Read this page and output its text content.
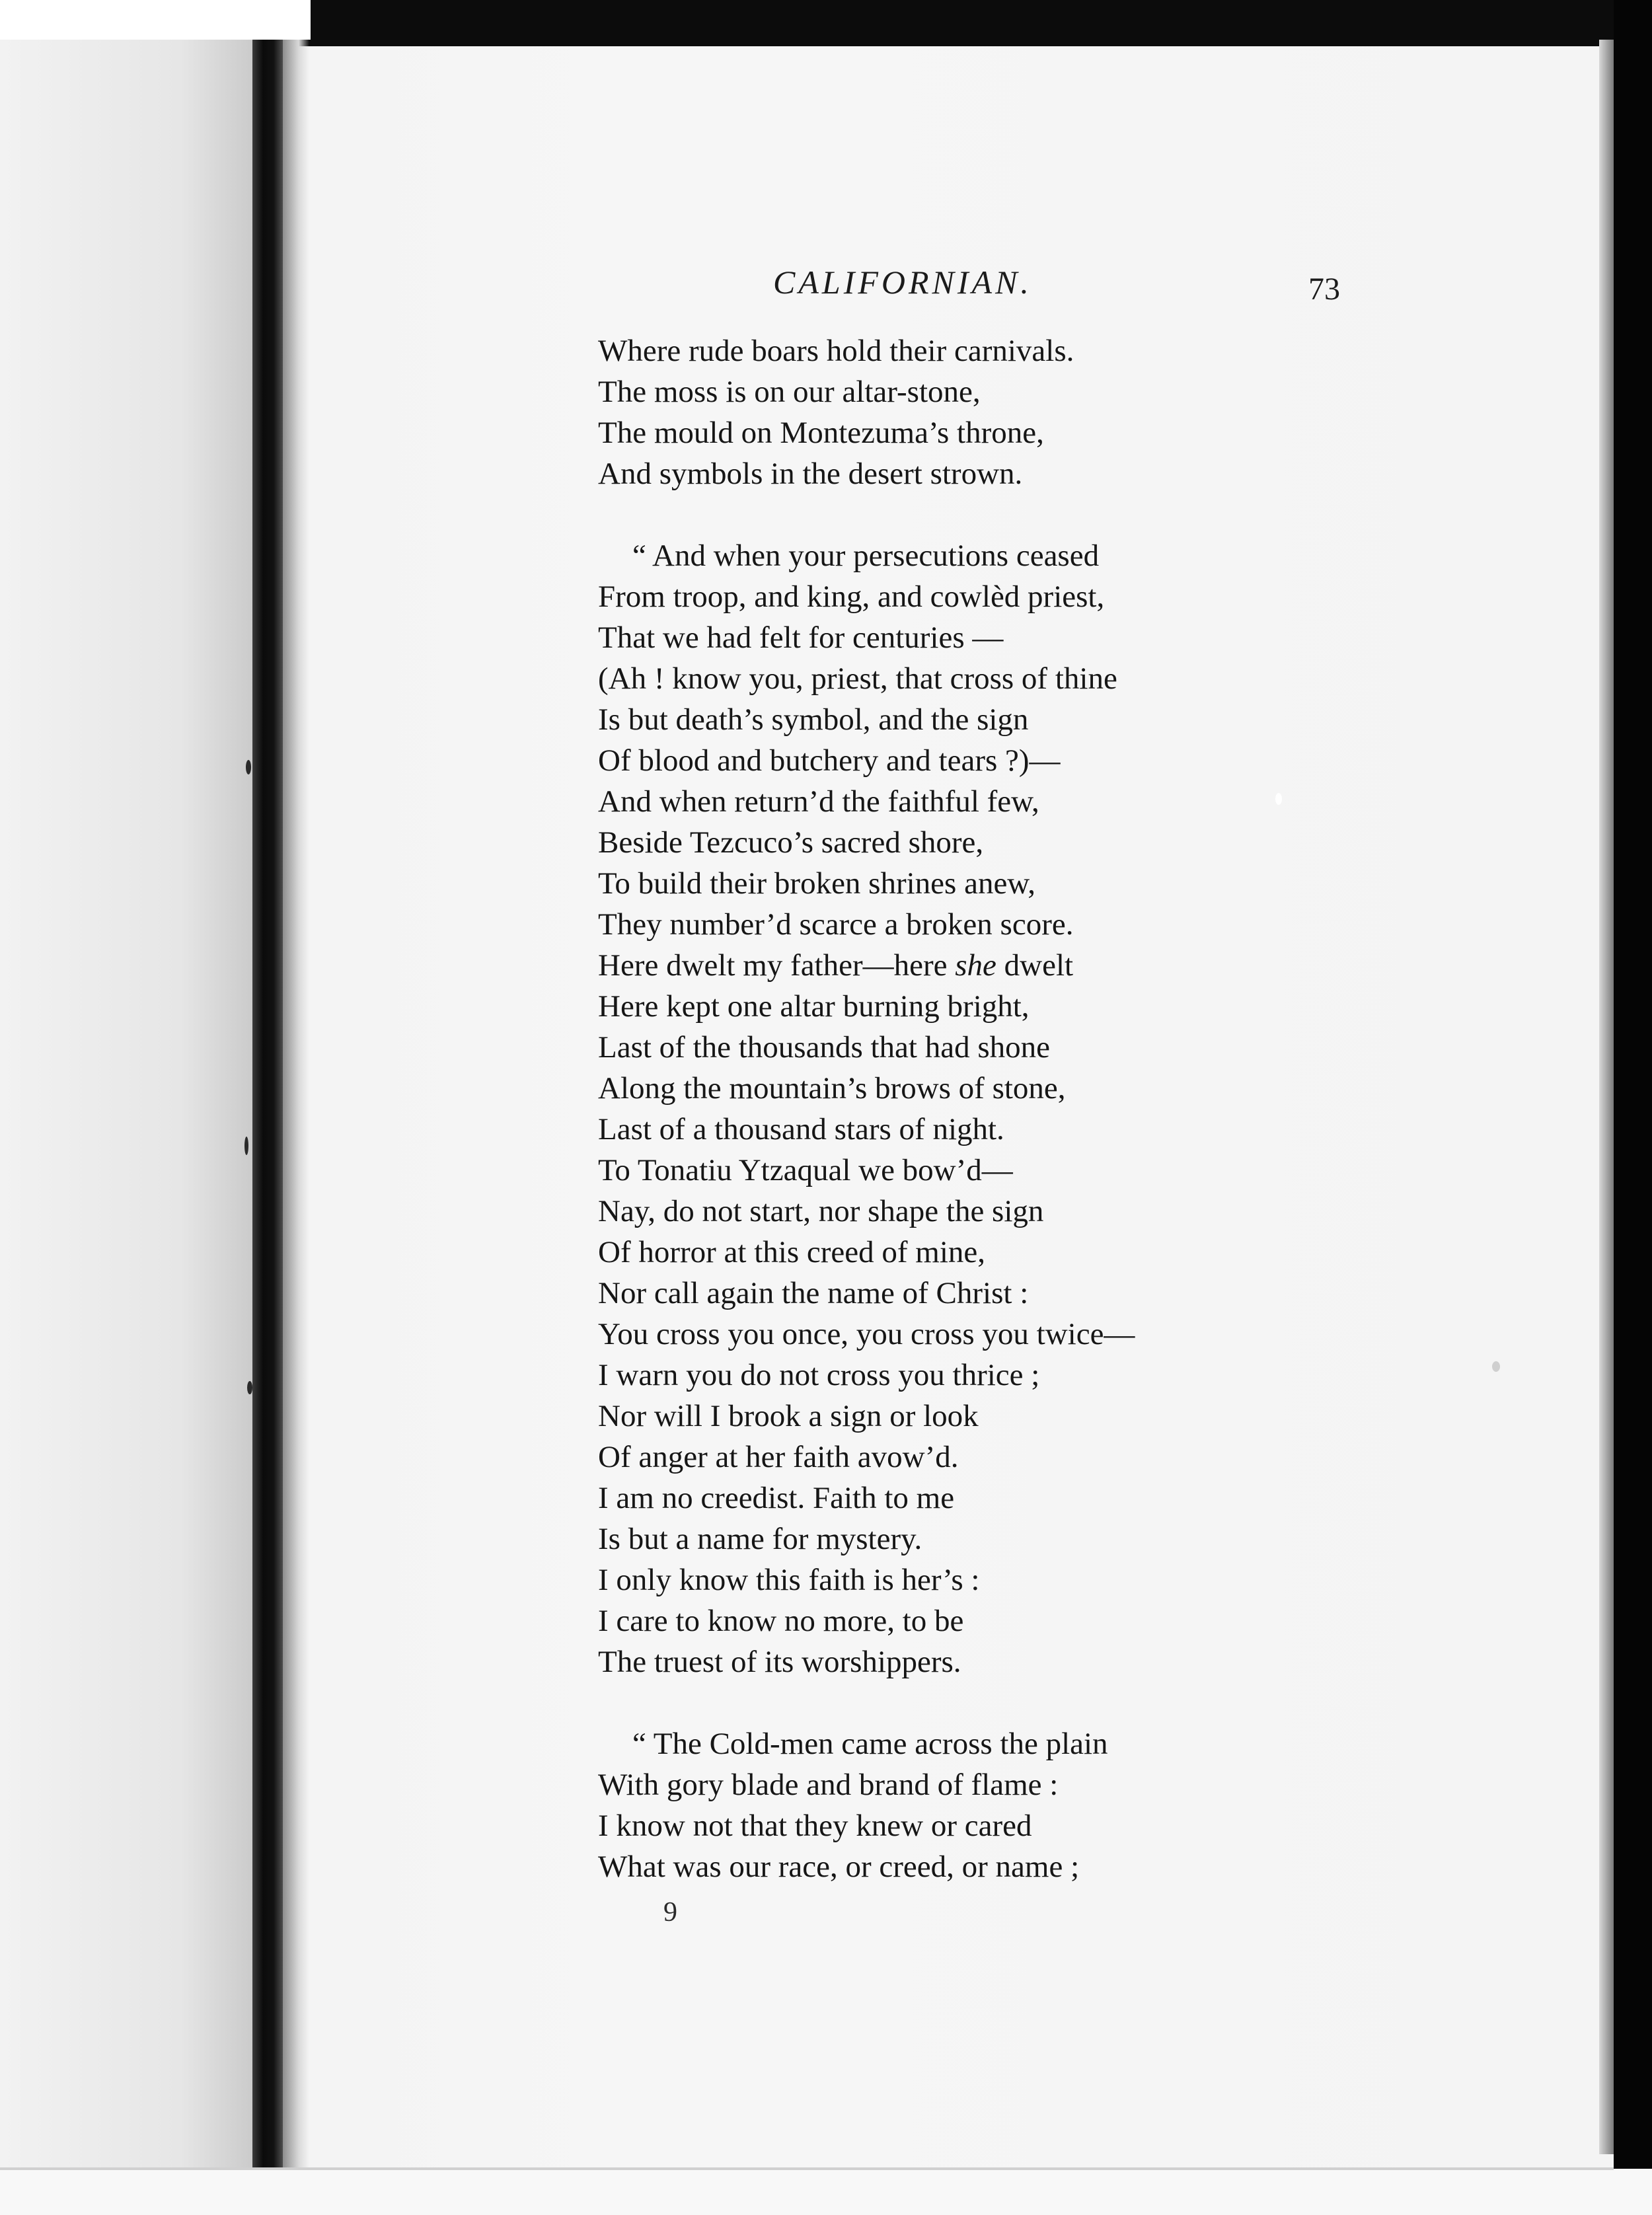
CALIFORNIAN.	73
Where rude boars hold their carnivals.
The moss is on our altar-stone,
The mould on Montezuma’s throne,
And symbols in the desert strown.
“ And when your persecutions ceased
From troop, and king, and cowlèd priest,
That we had felt for centuries —
(Ah ! know you, priest, that cross of thine
Is but death’s symbol, and the sign
Of blood and butchery and tears ?)—
And when return’d the faithful few,
Beside Tezcuco’s sacred shore,
To build their broken shrines anew,
They number’d scarce a broken score.
Here dwelt my father—here she dwelt
Here kept one altar burning bright,
Last of the thousands that had shone
Along the mountain’s brows of stone,
Last of a thousand stars of night.
To Tonatiu Ytzaqual we bow’d—
Nay, do not start, nor shape the sign
Of horror at this creed of mine,
Nor call again the name of Christ :
You cross you once, you cross you twice—
I warn you do not cross you thrice ;
Nor will I brook a sign or look
Of anger at her faith avow’d.
I am no creedist. Faith to me
Is but a name for mystery.
I only know this faith is her’s :
I care to know no more, to be
The truest of its worshippers.
“ The Cold-men came across the plain
With gory blade and brand of flame :
I know not that they knew or cared
What was our race, or creed, or name ;
9
